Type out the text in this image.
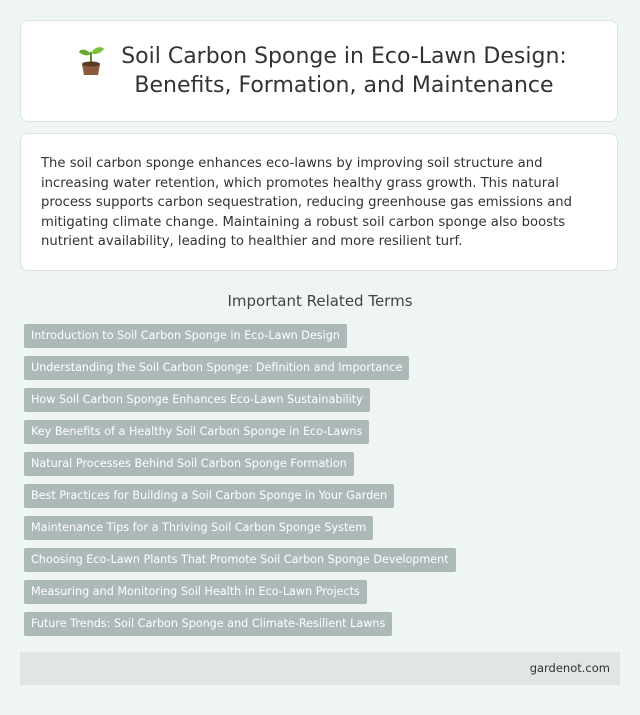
Soil Carbon Sponge in Eco-Lawn Design:
Benefits, Formation, and Maintenance

The soil carbon sponge enhances eco-lawns by improving soil structure and increasing water retention, which promotes healthy grass growth. This natural process supports carbon sequestration, reducing greenhouse gas emissions and mitigating climate change. Maintaining a robust soil carbon sponge also boosts nutrient availability, leading to healthier and more resilient turf.

Important Related Terms
Introduction to Soil Carbon Sponge in Eco-Lawn Design
Understanding the Soil Carbon Sponge: Definition and Importance
How Soil Carbon Sponge Enhances Eco-Lawn Sustainability
Key Benefits of a Healthy Soil Carbon Sponge in Eco-Lawns
Natural Processes Behind Soil Carbon Sponge Formation
Best Practices for Building a Soil Carbon Sponge in Your Garden
Maintenance Tips for a Thriving Soil Carbon Sponge System
Choosing Eco-Lawn Plants That Promote Soil Carbon Sponge Development
Measuring and Monitoring Soil Health in Eco-Lawn Projects
Future Trends: Soil Carbon Sponge and Climate-Resilient Lawns
gardenot.com
